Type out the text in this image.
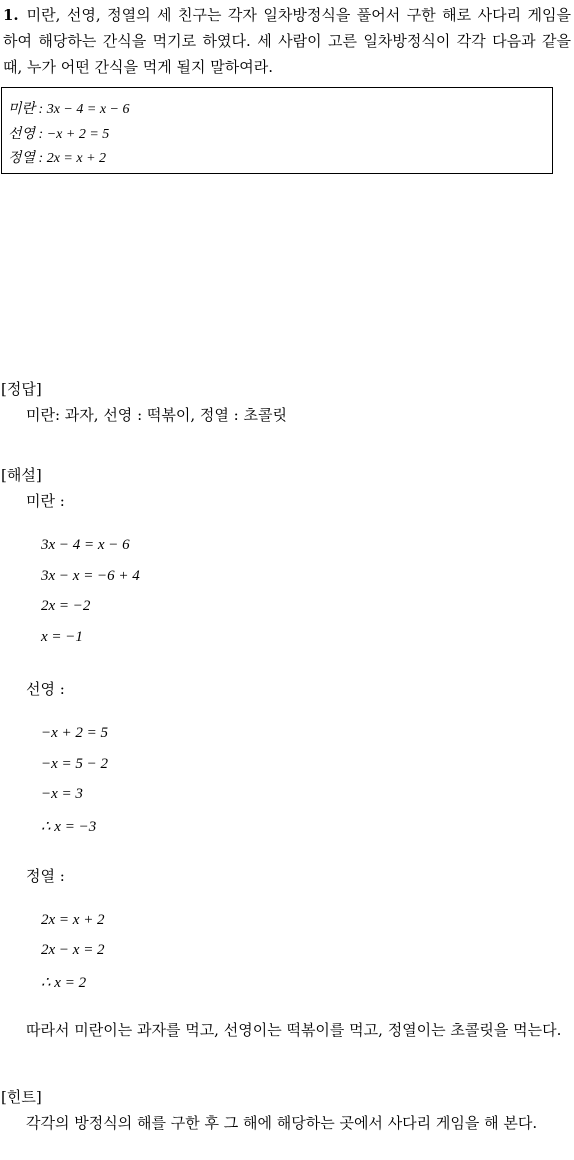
1. 미란, 선영, 정열의 세 친구는 각자 일차방정식을 풀어서 구한 해로 사다리 게임을 하여 해당하는 간식을 먹기로 하였다. 세 사람이 고른 일차방정식이 각각 다음과 같을 때, 누가 어떤 간식을 먹게 될지 말하여라.
미란 : 3x − 4 = x − 6
선영 : −x + 2 = 5
정열 : 2x = x + 2
[정답]
미란: 과자, 선영 : 떡볶이, 정열 : 초콜릿
[해설]
미란 :
3x − 4 = x − 6
3x − x = −6 + 4
2x = −2
x = −1
선영 :
−x + 2 = 5
−x = 5 − 2
−x = 3
∴ x = −3
정열 :
2x = x + 2
2x − x = 2
∴ x = 2
따라서 미란이는 과자를 먹고, 선영이는 떡볶이를 먹고, 정열이는 초콜릿을 먹는다.
[힌트]
각각의 방정식의 해를 구한 후 그 해에 해당하는 곳에서 사다리 게임을 해 본다.
